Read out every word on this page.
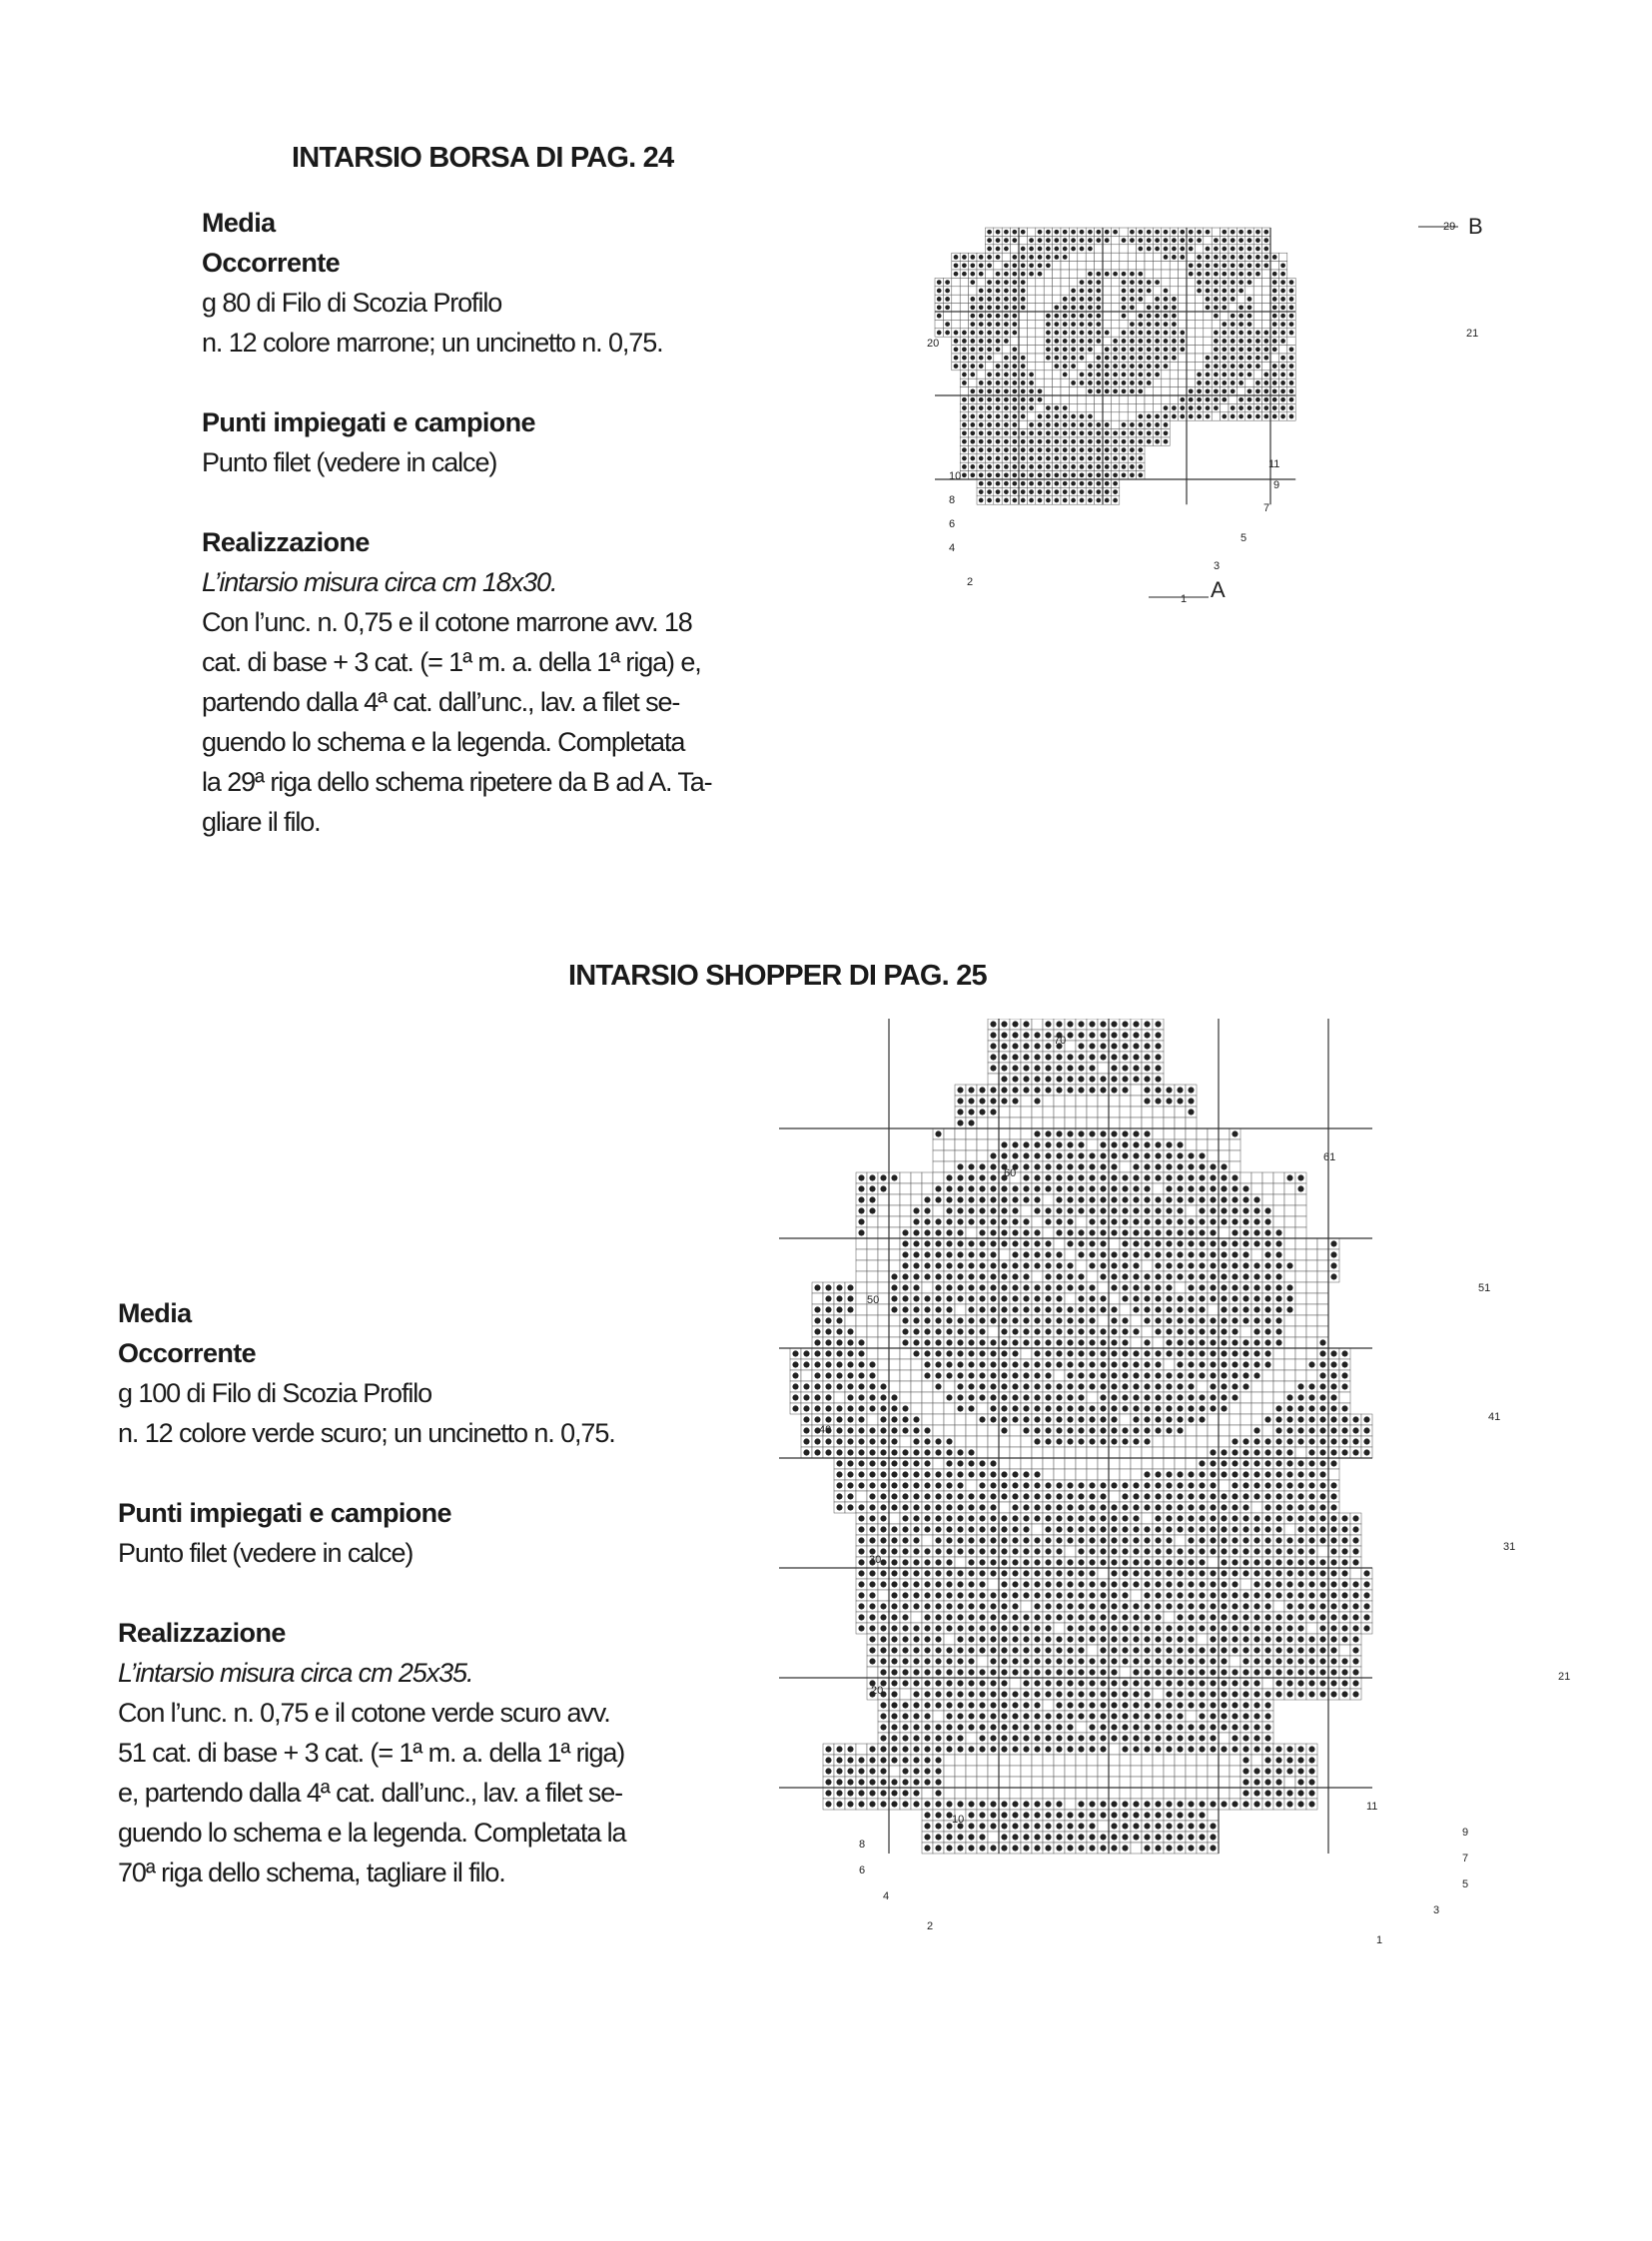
INTARSIO BORSA DI PAG. 24

Media

Occorrente

g 80 di Filo di Scozia Profilo

n. 12 colore marrone; un uncinetto n. 0,75.

Punti impiegati e campione

Punto filet (vedere in calce)

Realizzazione

L’intarsio misura circa cm 18x30.

Con l’unc. n. 0,75 e il cotone marrone avv. 18

cat. di base + 3 cat. (= 1ª m. a. della 1ª riga) e,

partendo dalla 4ª cat. dall’unc., lav. a filet se-

guendo lo schema e la legenda. Completata

la 29ª riga dello schema ripetere da B ad A. Ta-

gliare il filo.

29
21
20
11
10
9
8
7
6
5
4
3
2
1
B
A
INTARSIO SHOPPER DI PAG. 25

Media

Occorrente

g 100 di Filo di Scozia Profilo

n. 12 colore verde scuro; un uncinetto n. 0,75.

Punti impiegati e campione

Punto filet (vedere in calce)

Realizzazione

L’intarsio misura circa cm 25x35.

Con l’unc. n. 0,75 e il cotone verde scuro avv.

51 cat. di base + 3 cat. (= 1ª m. a. della 1ª riga)

e, partendo dalla 4ª cat. dall’unc., lav. a filet se-

guendo lo schema e la legenda. Completata la

70ª riga dello schema, tagliare il filo.

70
61
60
51
50
41
40
31
30
21
20
11
10
9
8
7
6
5
4
3
2
1
